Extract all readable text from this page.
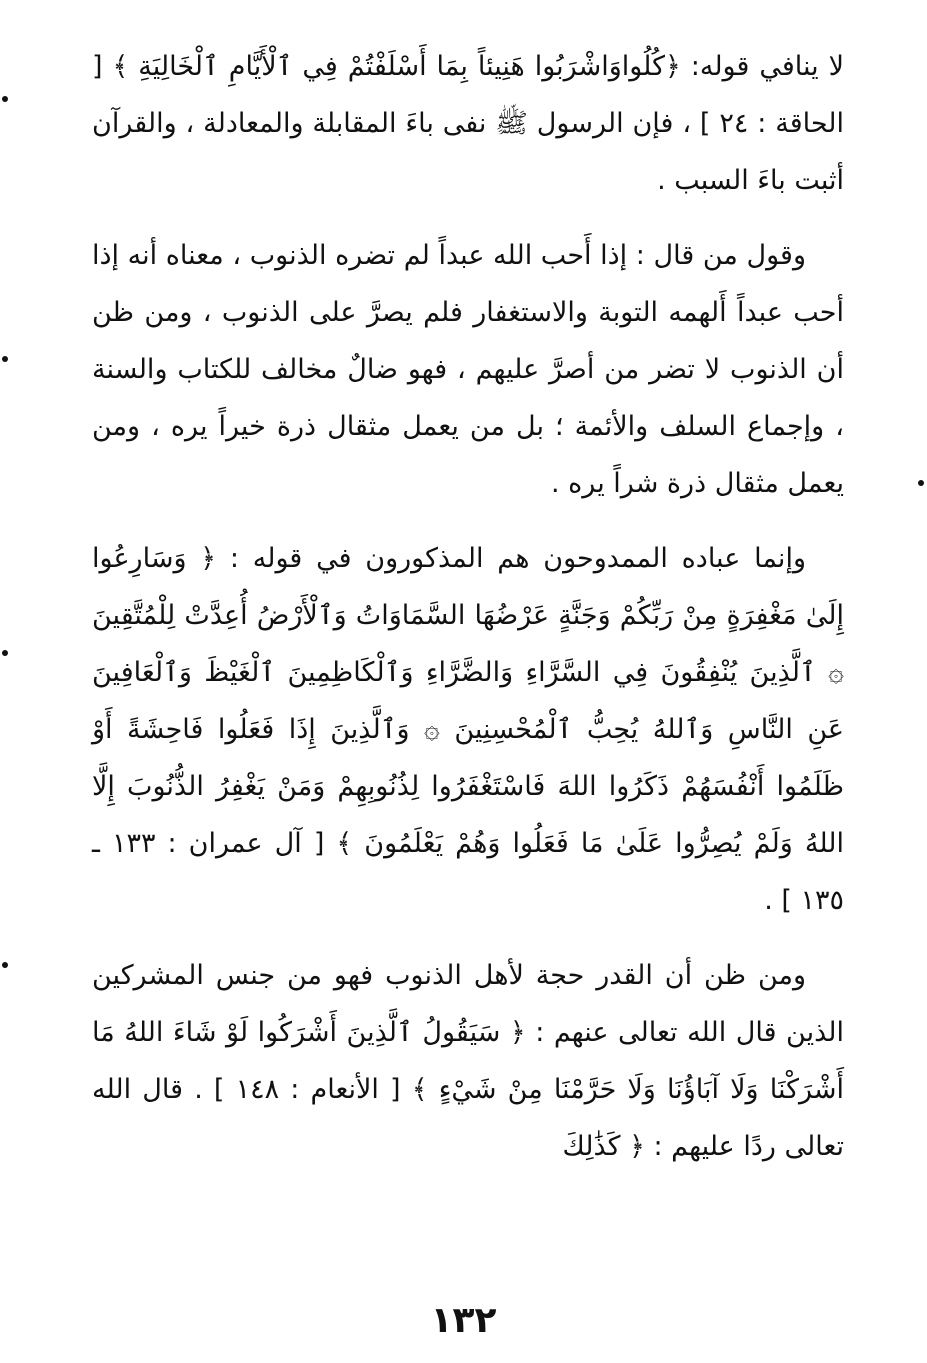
لا ينافي قوله: ﴿كُلُواوَاشْرَبُوا هَنِيئاً بِمَا أَسْلَفْتُمْ فِي ٱلْأَيَّامِ ٱلْخَالِيَةِ ﴾ [ الحاقة : ٢٤ ] ، فإن الرسول ﷺ نفى باءَ المقابلة والمعادلة ، والقرآن أثبت باءَ السبب .

وقول من قال : إذا أَحب الله عبداً لم تضره الذنوب ، معناه أنه إذا أحب عبداً أَلهمه التوبة والاستغفار فلم يصرَّ على الذنوب ، ومن ظن أن الذنوب لا تضر من أصرَّ عليهم ، فهو ضالٌ مخالف للكتاب والسنة ، وإجماع السلف والأئمة ؛ بل من يعمل مثقال ذرة خيراً يره ، ومن يعمل مثقال ذرة شراً يره .

وإنما عباده الممدوحون هم المذكورون في قوله : ﴿ وَسَارِعُوا إِلَىٰ مَغْفِرَةٍ مِنْ رَبِّكُمْ وَجَنَّةٍ عَرْضُهَا السَّمَاوَاتُ وَٱلْأَرْضُ أُعِدَّتْ لِلْمُتَّقِينَ ۞ ٱلَّذِينَ يُنْفِقُونَ فِي السَّرَّاءِ وَالضَّرَّاءِ وَٱلْكَاظِمِينَ ٱلْغَيْظَ وَٱلْعَافِينَ عَنِ النَّاسِ وَٱللهُ يُحِبُّ ٱلْمُحْسِنِينَ ۞ وَٱلَّذِينَ إِذَا فَعَلُوا فَاحِشَةً أَوْ ظَلَمُوا أَنْفُسَهُمْ ذَكَرُوا اللهَ فَاسْتَغْفَرُوا لِذُنُوبِهِمْ وَمَنْ يَغْفِرُ الذُّنُوبَ إِلَّا اللهُ وَلَمْ يُصِرُّوا عَلَىٰ مَا فَعَلُوا وَهُمْ يَعْلَمُونَ ﴾ [ آل عمران : ١٣٣ ـ ١٣٥ ] .

ومن ظن أن القدر حجة لأهل الذنوب فهو من جنس المشركين الذين قال الله تعالى عنهم : ﴿ سَيَقُولُ ٱلَّذِينَ أَشْرَكُوا لَوْ شَاءَ اللهُ مَا أَشْرَكْنَا وَلَا آبَاؤُنَا وَلَا حَرَّمْنَا مِنْ شَيْءٍ ﴾ [ الأنعام : ١٤٨ ] . قال الله تعالى ردًا عليهم : ﴿ كَذَٰلِكَ

١٣٢
